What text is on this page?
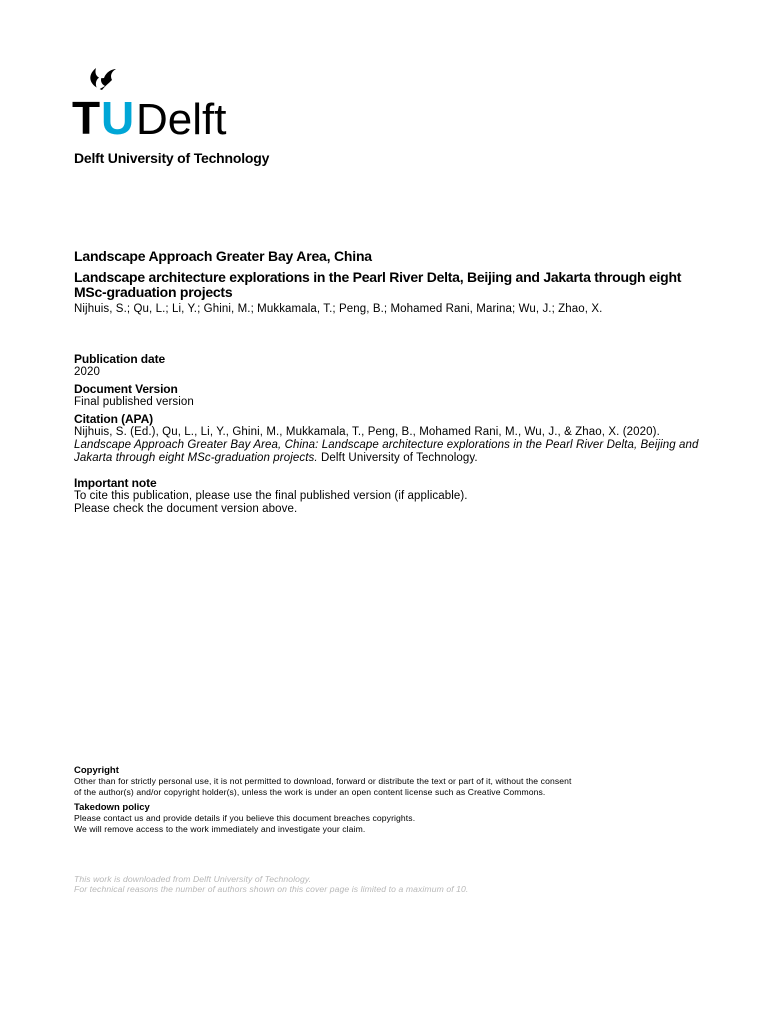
T U Delft
Delft University of Technology
Landscape Approach Greater Bay Area, China
Landscape architecture explorations in the Pearl River Delta, Beijing and Jakarta through eight MSc-graduation projects
Nijhuis, S.; Qu, L.; Li, Y.; Ghini, M.; Mukkamala, T.; Peng, B.; Mohamed Rani, Marina; Wu, J.; Zhao, X.
Publication date
2020
Document Version
Final published version
Citation (APA)
Nijhuis, S. (Ed.), Qu, L., Li, Y., Ghini, M., Mukkamala, T., Peng, B., Mohamed Rani, M., Wu, J., & Zhao, X. (2020). Landscape Approach Greater Bay Area, China: Landscape architecture explorations in the Pearl River Delta, Beijing and Jakarta through eight MSc-graduation projects. Delft University of Technology.
Important note
To cite this publication, please use the final published version (if applicable).
Please check the document version above.
Copyright
Other than for strictly personal use, it is not permitted to download, forward or distribute the text or part of it, without the consent
of the author(s) and/or copyright holder(s), unless the work is under an open content license such as Creative Commons.
Takedown policy
Please contact us and provide details if you believe this document breaches copyrights.
We will remove access to the work immediately and investigate your claim.
This work is downloaded from Delft University of Technology.
For technical reasons the number of authors shown on this cover page is limited to a maximum of 10.
